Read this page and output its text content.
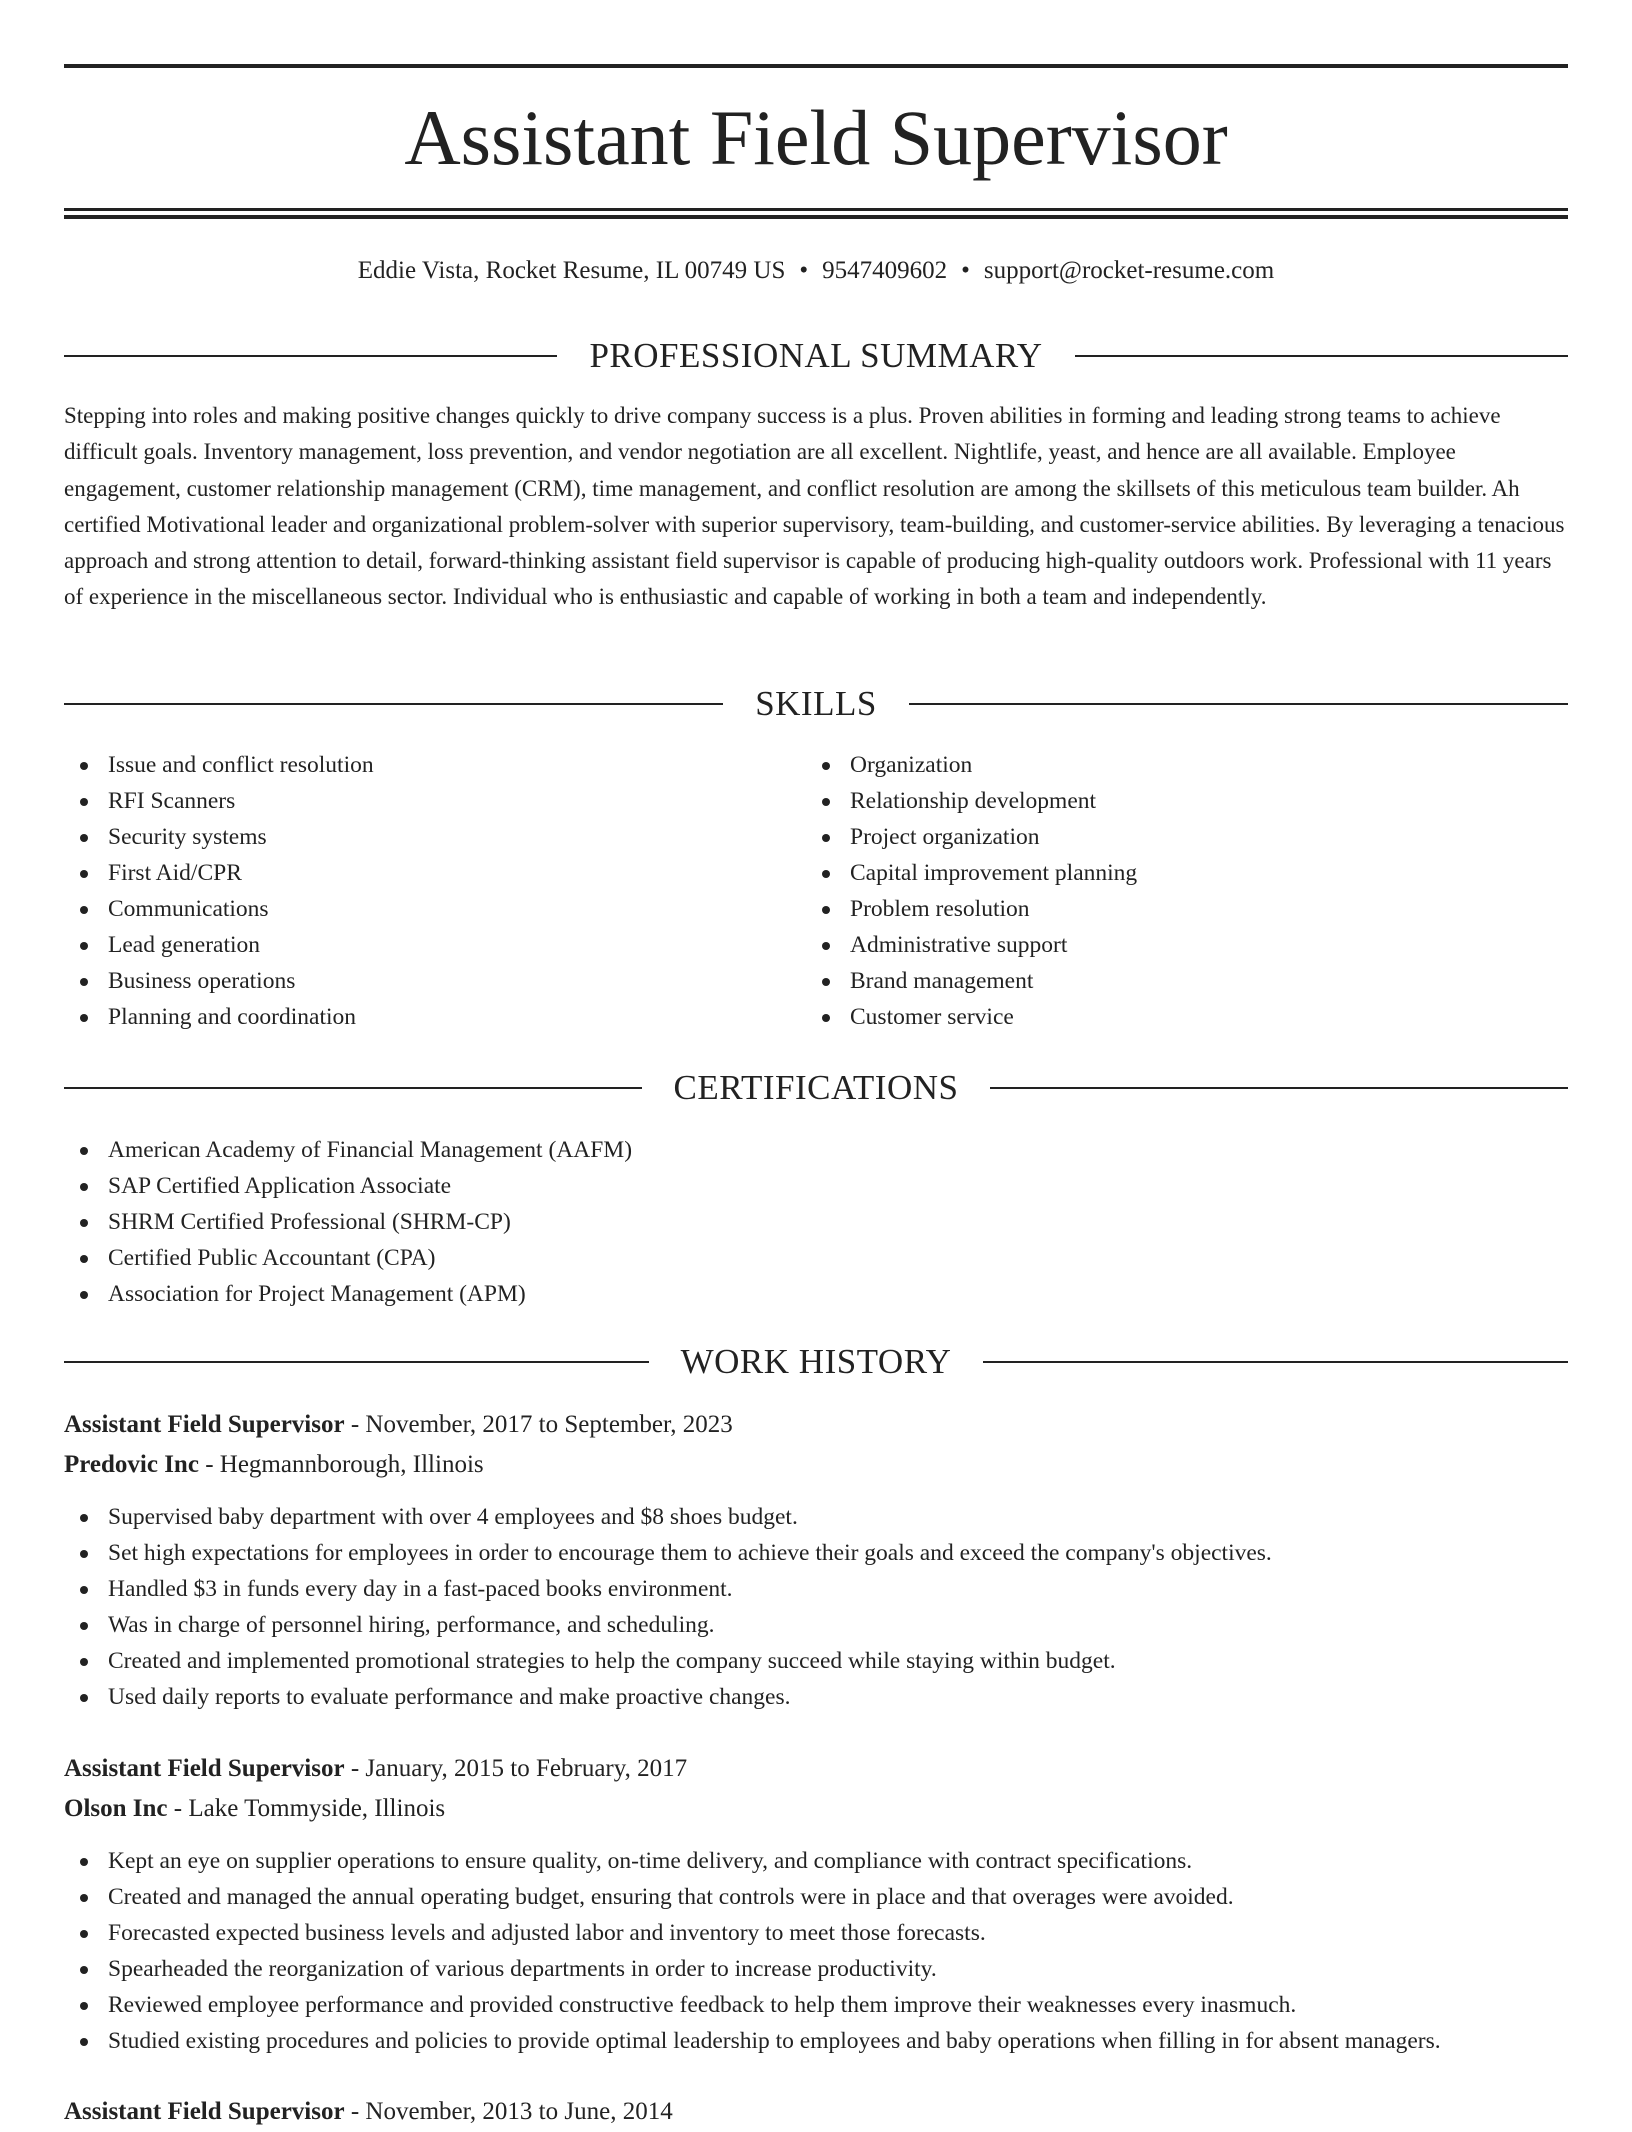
Assistant Field Supervisor
Eddie Vista, Rocket Resume, IL 00749 US • 9547409602 • support@rocket-resume.com
PROFESSIONAL SUMMARY

Stepping into roles and making positive changes quickly to drive company success is a plus. Proven abilities in forming and leading strong teams to achieve difficult goals. Inventory management, loss prevention, and vendor negotiation are all excellent. Nightlife, yeast, and hence are all available. Employee engagement, customer relationship management (CRM), time management, and conflict resolution are among the skillsets of this meticulous team builder. Ah certified Motivational leader and organizational problem-solver with superior supervisory, team-building, and customer-service abilities. By leveraging a tenacious approach and strong attention to detail, forward-thinking assistant field supervisor is capable of producing high-quality outdoors work. Professional with 11 years of experience in the miscellaneous sector. Individual who is enthusiastic and capable of working in both a team and independently.

SKILLS
Issue and conflict resolution
RFI Scanners
Security systems
First Aid/CPR
Communications
Lead generation
Business operations
Planning and coordination
Organization
Relationship development
Project organization
Capital improvement planning
Problem resolution
Administrative support
Brand management
Customer service
CERTIFICATIONS
American Academy of Financial Management (AAFM)
SAP Certified Application Associate
SHRM Certified Professional (SHRM-CP)
Certified Public Accountant (CPA)
Association for Project Management (APM)
WORK HISTORY
Assistant Field Supervisor - November, 2017 to September, 2023
Predovic Inc - Hegmannborough, Illinois
Supervised baby department with over 4 employees and $8 shoes budget.
Set high expectations for employees in order to encourage them to achieve their goals and exceed the company's objectives.
Handled $3 in funds every day in a fast-paced books environment.
Was in charge of personnel hiring, performance, and scheduling.
Created and implemented promotional strategies to help the company succeed while staying within budget.
Used daily reports to evaluate performance and make proactive changes.
Assistant Field Supervisor - January, 2015 to February, 2017
Olson Inc - Lake Tommyside, Illinois
Kept an eye on supplier operations to ensure quality, on-time delivery, and compliance with contract specifications.
Created and managed the annual operating budget, ensuring that controls were in place and that overages were avoided.
Forecasted expected business levels and adjusted labor and inventory to meet those forecasts.
Spearheaded the reorganization of various departments in order to increase productivity.
Reviewed employee performance and provided constructive feedback to help them improve their weaknesses every inasmuch.
Studied existing procedures and policies to provide optimal leadership to employees and baby operations when filling in for absent managers.
Assistant Field Supervisor - November, 2013 to June, 2014
